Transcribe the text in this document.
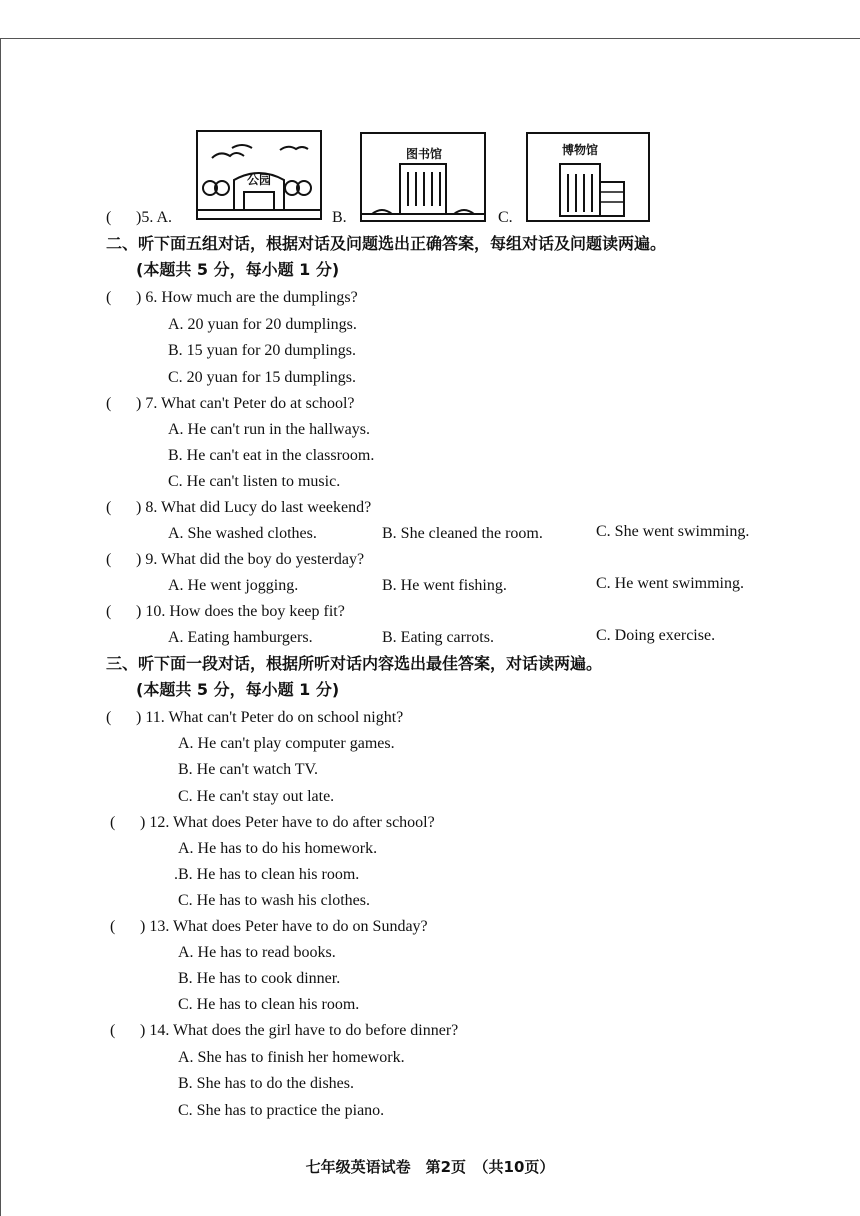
( )5. A.
公园
B.
图书馆
C.
博物馆
二、听下面五组对话，根据对话及问题选出正确答案，每组对话及问题读两遍。
(本题共 5 分，每小题 1 分)
( ) 6. How much are the dumplings?
A. 20 yuan for 20 dumplings.
B. 15 yuan for 20 dumplings.
C. 20 yuan for 15 dumplings.
( ) 7. What can't Peter do at school?
A. He can't run in the hallways.
B. He can't eat in the classroom.
C. He can't listen to music.
( ) 8. What did Lucy do last weekend?
A. She washed clothes.	B. She cleaned the room.	C. She went swimming.
( ) 9. What did the boy do yesterday?
A. He went jogging.	B. He went fishing.	C. He went swimming.
( ) 10. How does the boy keep fit?
A. Eating hamburgers.	B. Eating carrots.	C. Doing exercise.
三、听下面一段对话，根据所听对话内容选出最佳答案，对话读两遍。
(本题共 5 分，每小题 1 分)
( ) 11. What can't Peter do on school night?
A. He can't play computer games.
B. He can't watch TV.
C. He can't stay out late.
( ) 12. What does Peter have to do after school?
A. He has to do his homework.
.B. He has to clean his room.
C. He has to wash his clothes.
( ) 13. What does Peter have to do on Sunday?
A. He has to read books.
B. He has to cook dinner.
C. He has to clean his room.
( ) 14. What does the girl have to do before dinner?
A. She has to finish her homework.
B. She has to do the dishes.
C. She has to practice the piano.
七年级英语试卷　第2页　（共10页）
